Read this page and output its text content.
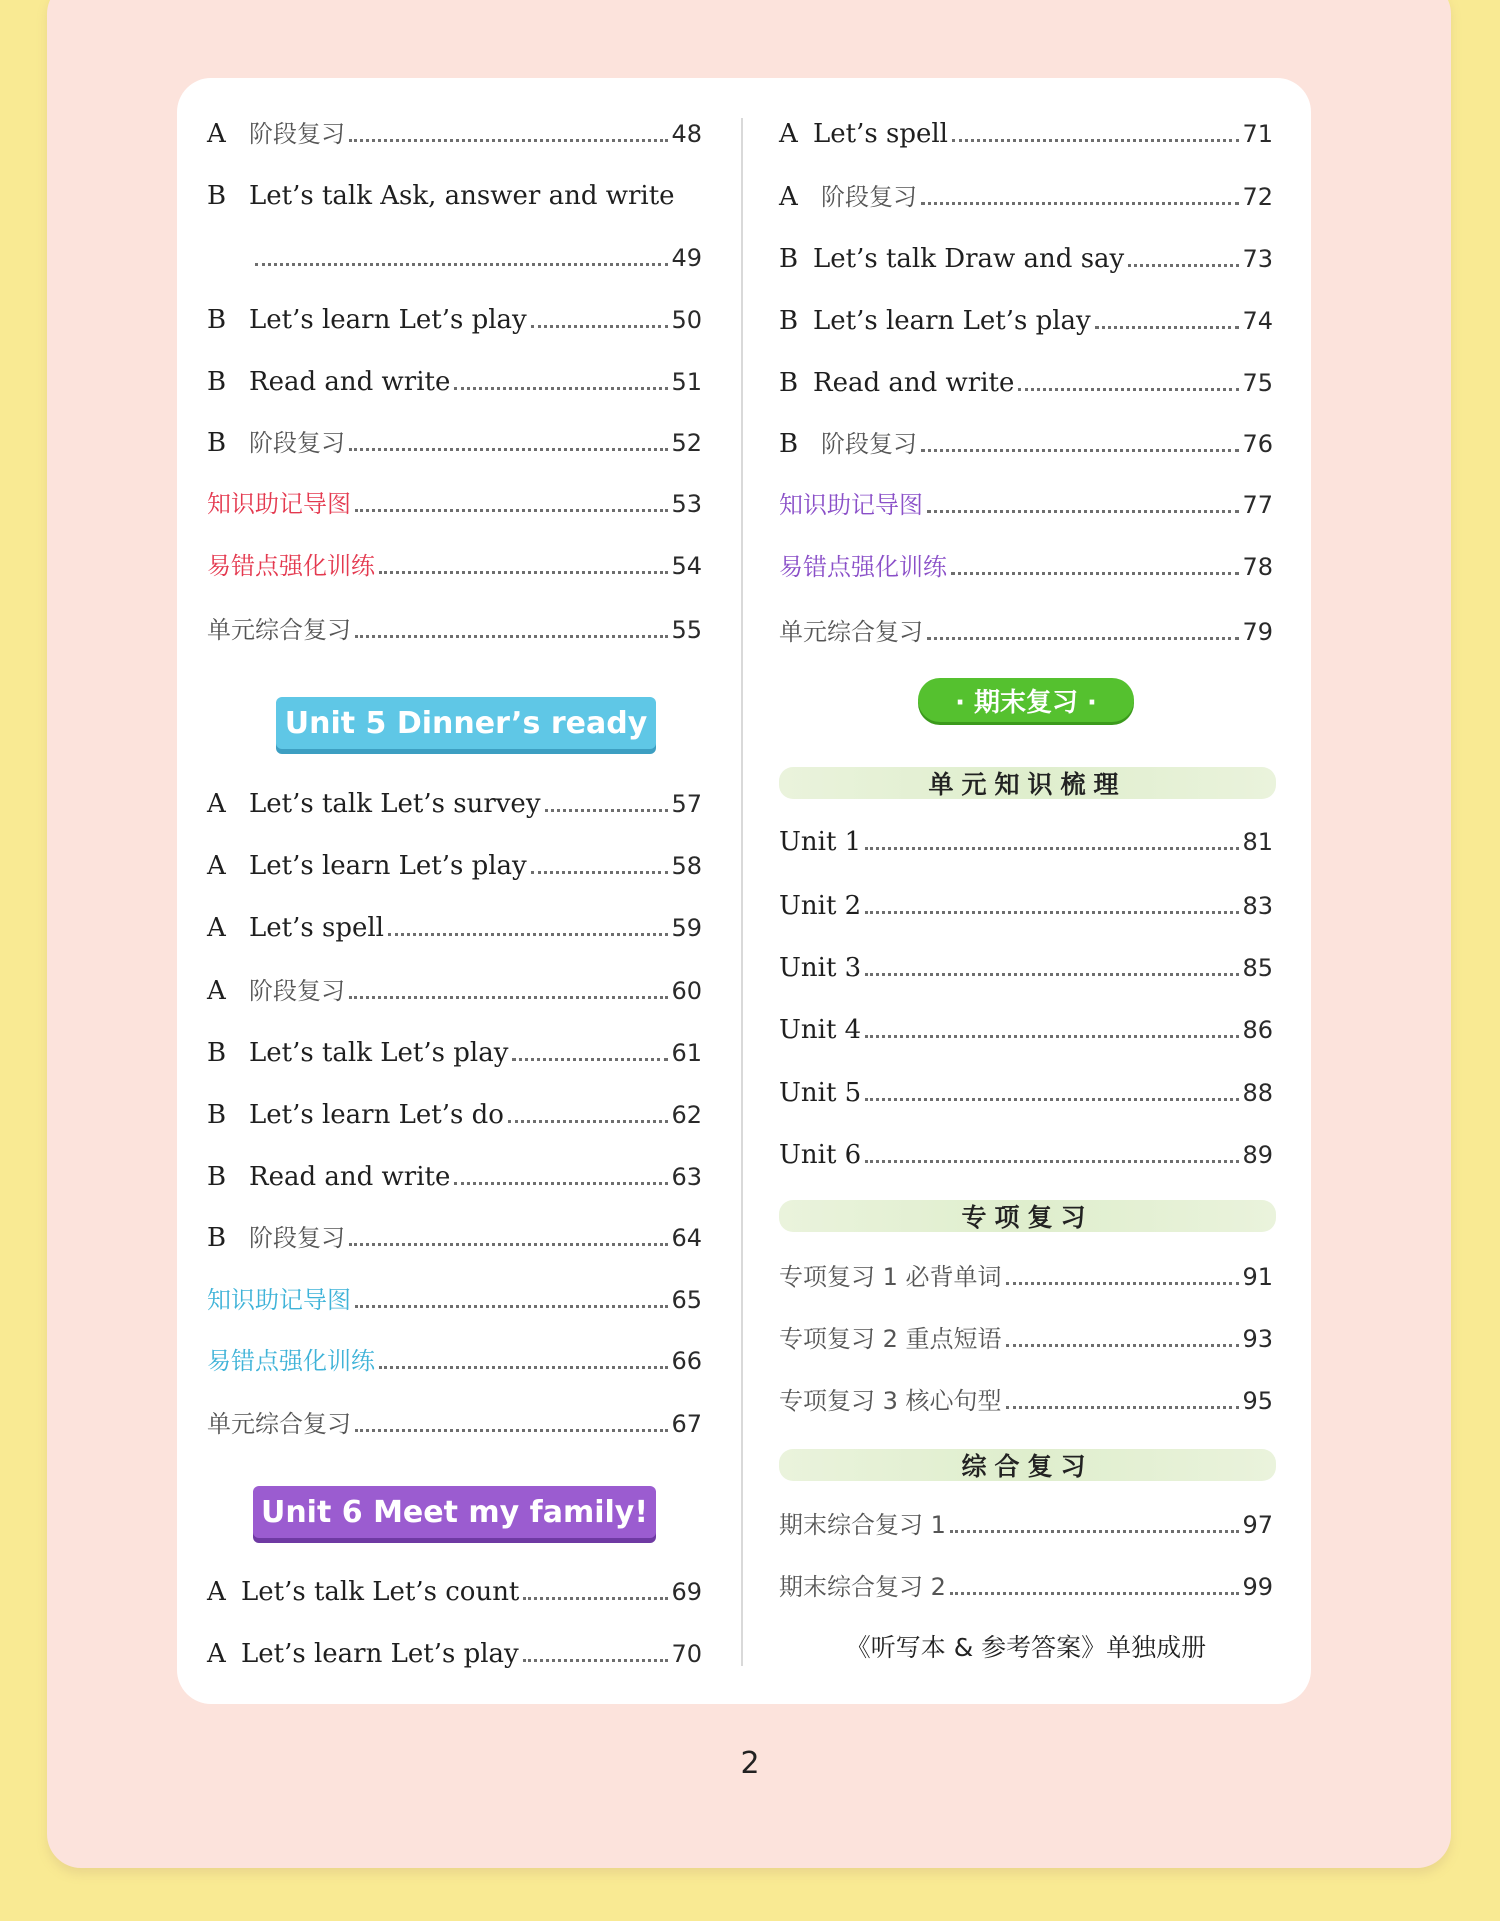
A 阶段复习	48
B Let’s talk Ask, answer and write
49
B Let’s learn Let’s play	50
B Read and write	51
B 阶段复习	52
知识助记导图	53
易错点强化训练	54
单元综合复习	55
A Let’s talk Let’s survey	57
A Let’s learn Let’s play	58
A Let’s spell	59
A 阶段复习	60
B Let’s talk Let’s play	61
B Let’s learn Let’s do	62
B Read and write	63
B 阶段复习	64
知识助记导图	65
易错点强化训练	66
单元综合复习	67
A Let’s talk Let’s count	69
A Let’s learn Let’s play	70
Unit 5 Dinner’s ready
Unit 6 Meet my family!
A Let’s spell	71
A 阶段复习	72
B Let’s talk Draw and say	73
B Let’s learn Let’s play	74
B Read and write	75
B 阶段复习	76
知识助记导图	77
易错点强化训练	78
单元综合复习	79
Unit 1	81
Unit 2	83
Unit 3	85
Unit 4	86
Unit 5	88
Unit 6	89
专项复习 1 必背单词	91
专项复习 2 重点短语	93
专项复习 3 核心句型	95
期末综合复习 1	97
期末综合复习 2	99
· 期末复习 ·
单元知识梳理
专项复习
综合复习
《听写本 & 参考答案》单独成册
2
